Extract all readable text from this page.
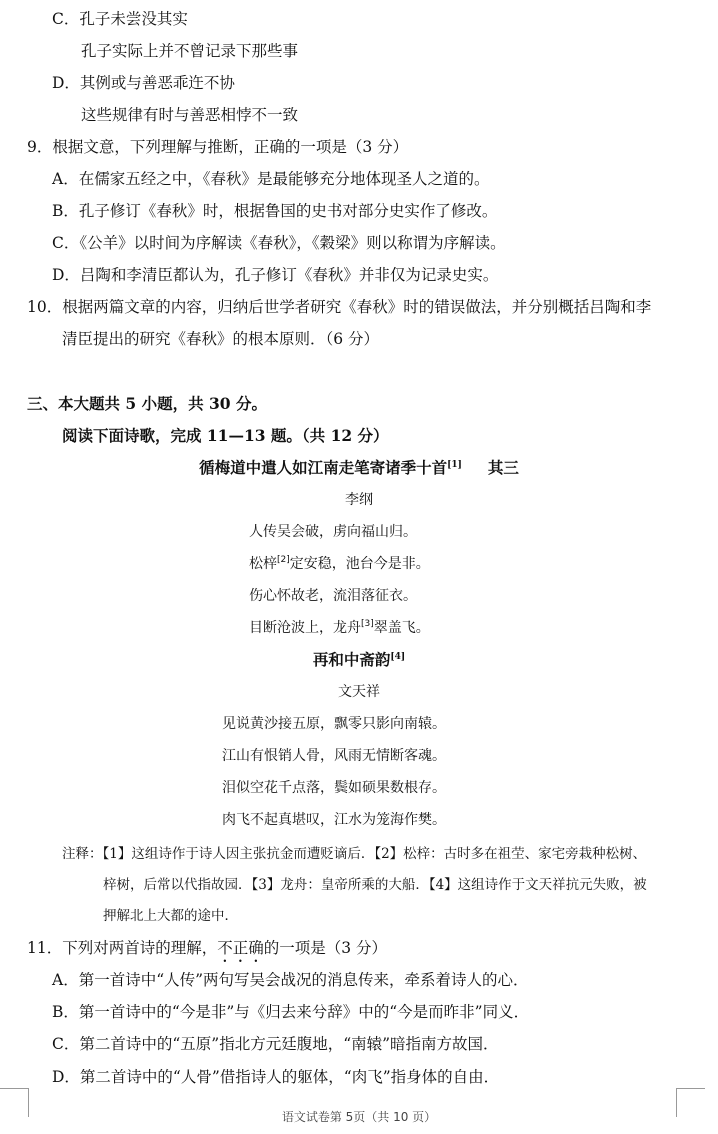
C．孔子未尝没其实
孔子实际上并不曾记录下那些事
D．其例或与善恶乖迕不协
这些规律有时与善恶相悖不一致
9．根据文意，下列理解与推断，正确的一项是（3 分）
A．在儒家五经之中，《春秋》是最能够充分地体现圣人之道的。
B．孔子修订《春秋》时，根据鲁国的史书对部分史实作了修改。
C．《公羊》以时间为序解读《春秋》，《穀梁》则以称谓为序解读。
D．吕陶和李清臣都认为，孔子修订《春秋》并非仅为记录史实。
10．根据两篇文章的内容，归纳后世学者研究《春秋》时的错误做法，并分别概括吕陶和李
清臣提出的研究《春秋》的根本原则．（6 分）
三、本大题共 5 小题，共 30 分。
阅读下面诗歌，完成 11—13 题。（共 12 分）
循梅道中遣人如江南走笔寄诸季十首[1] 其三
李纲
人传吴会破，虏向福山归。
松梓[2]定安稳，池台今是非。
伤心怀故老，流泪落征衣。
目断沧波上，龙舟[3]翠盖飞。
再和中斋韵[4]
文天祥
见说黄沙接五原，飘零只影向南辕。
江山有恨销人骨，风雨无情断客魂。
泪似空花千点落，鬓如硕果数根存。
肉飞不起真堪叹，江水为笼海作樊。
注释：【1】这组诗作于诗人因主张抗金而遭贬谪后．【2】松梓：古时多在祖茔、家宅旁栽种松树、
梓树，后常以代指故园．【3】龙舟：皇帝所乘的大船．【4】这组诗作于文天祥抗元失败，被
押解北上大都的途中．
11．下列对两首诗的理解，不正确的一项是（3 分）
A．第一首诗中“人传”两句写吴会战况的消息传来，牵系着诗人的心．
B．第一首诗中的“今是非”与《归去来兮辞》中的“今是而昨非”同义．
C．第二首诗中的“五原”指北方元廷腹地，“南辕”暗指南方故国．
D．第二首诗中的“人骨”借指诗人的躯体，“肉飞”指身体的自由．
语文试卷第 5页（共 10 页）
